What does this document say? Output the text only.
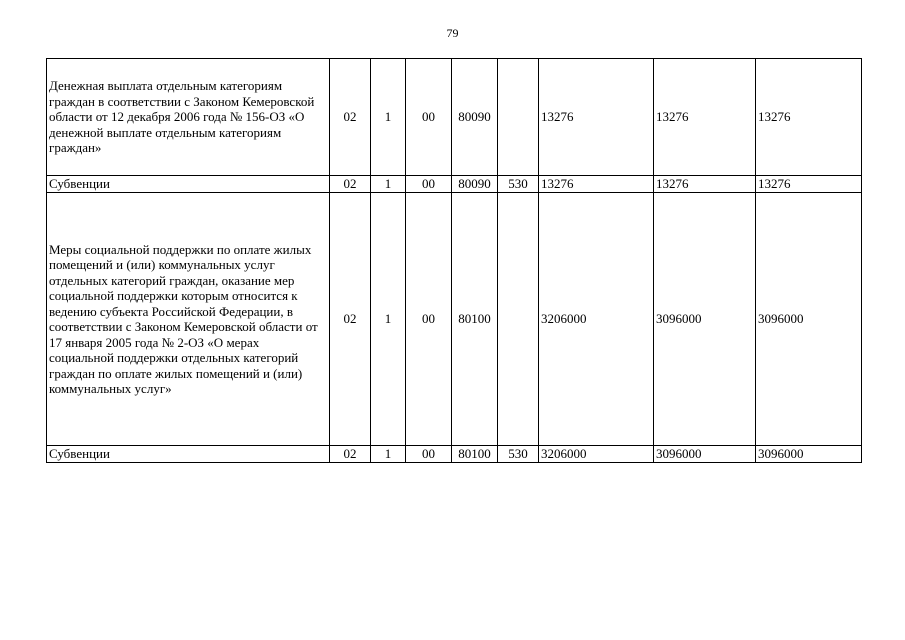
79
Денежная выплата отдельным категориям граждан в соответствии с Законом Кемеровской области от 12 декабря 2006 года № 156-ОЗ «О денежной выплате отдельным категориям граждан»	02	1	00	80090		13276	13276	13276
Субвенции	02	1	00	80090	530	13276	13276	13276
Меры социальной поддержки по оплате жилых помещений и (или) коммунальных услуг отдельных категорий граждан, оказание мер социальной поддержки которым относится к ведению субъекта Российской Федерации, в соответствии с Законом Кемеровской области от 17 января 2005 года № 2-ОЗ «О мерах социальной поддержки отдельных категорий граждан по оплате жилых помещений и (или) коммунальных услуг»	02	1	00	80100		3206000	3096000	3096000
Субвенции	02	1	00	80100	530	3206000	3096000	3096000
